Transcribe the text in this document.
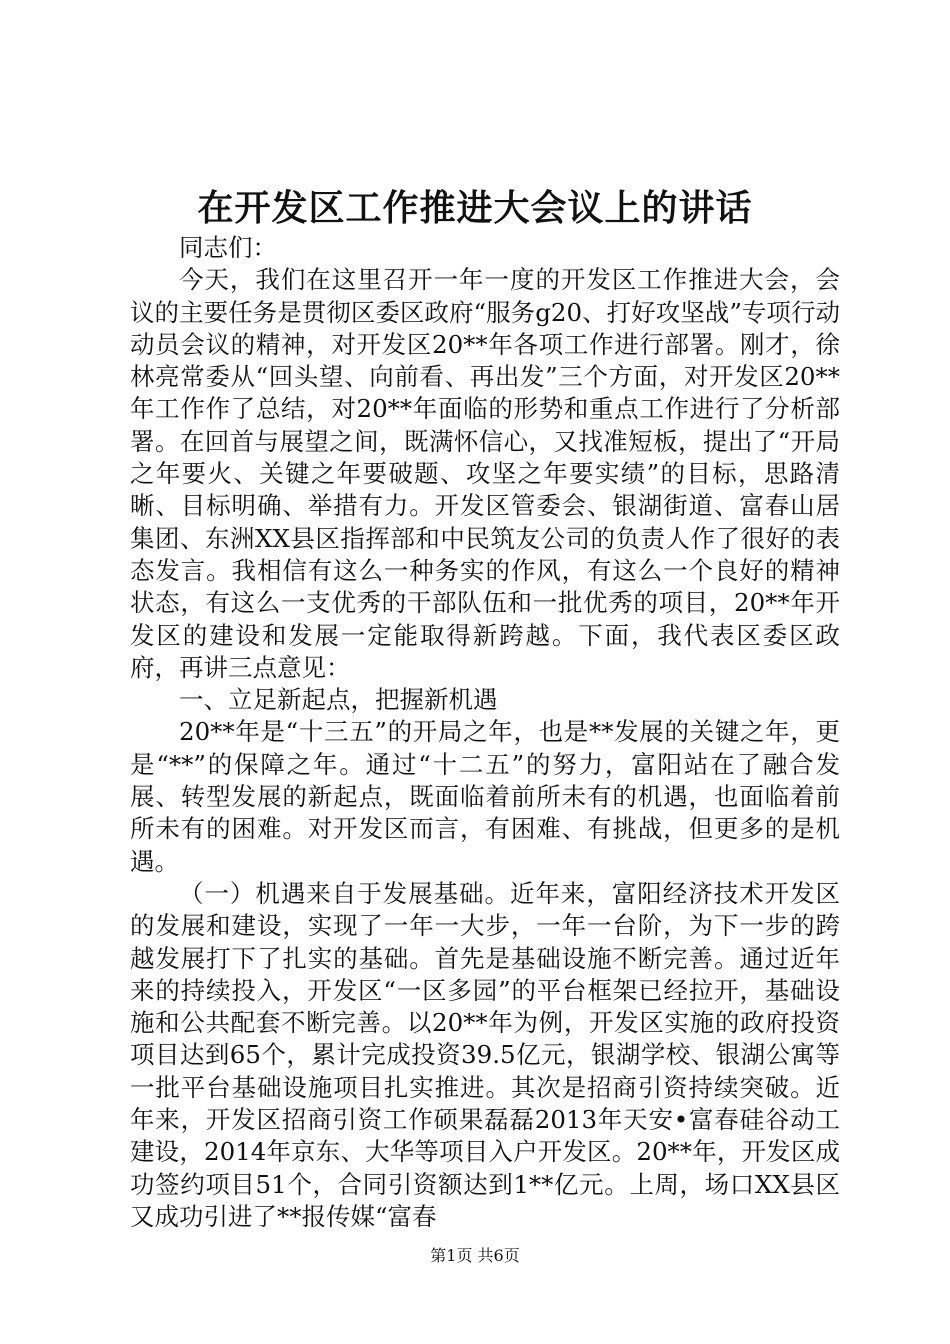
在开发区工作推进大会议上的讲话

同志们：

今天，我们在这里召开一年一度的开发区工作推进大会，会议的主要任务是贯彻区委区政府“服务g20、打好攻坚战”专项行动动员会议的精神，对开发区20**年各项工作进行部署。刚才，徐林亮常委从“回头望、向前看、再出发”三个方面，对开发区20**年工作作了总结，对20**年面临的形势和重点工作进行了分析部署。在回首与展望之间，既满怀信心，又找准短板，提出了“开局之年要火、关键之年要破题、攻坚之年要实绩”的目标，思路清晰、目标明确、举措有力。开发区管委会、银湖街道、富春山居集团、东洲XX县区指挥部和中民筑友公司的负责人作了很好的表态发言。我相信有这么一种务实的作风，有这么一个良好的精神状态，有这么一支优秀的干部队伍和一批优秀的项目，20**年开发区的建设和发展一定能取得新跨越。下面，我代表区委区政府，再讲三点意见：

一、立足新起点，把握新机遇

20**年是“十三五”的开局之年，也是**发展的关键之年，更是“**”的保障之年。通过“十二五”的努力，富阳站在了融合发展、转型发展的新起点，既面临着前所未有的机遇，也面临着前所未有的困难。对开发区而言，有困难、有挑战，但更多的是机遇。

（一）机遇来自于发展基础。近年来，富阳经济技术开发区的发展和建设，实现了一年一大步，一年一台阶，为下一步的跨越发展打下了扎实的基础。首先是基础设施不断完善。通过近年来的持续投入，开发区“一区多园”的平台框架已经拉开，基础设施和公共配套不断完善。以20**年为例，开发区实施的政府投资项目达到65个，累计完成投资39.5亿元，银湖学校、银湖公寓等一批平台基础设施项目扎实推进。其次是招商引资持续突破。近年来，开发区招商引资工作硕果磊磊2013年天安•富春硅谷动工建设，2014年京东、大华等项目入户开发区。20**年，开发区成功签约项目51个，合同引资额达到1**亿元。上周，场口XX县区又成功引进了**报传媒“富春

第1页 共6页
